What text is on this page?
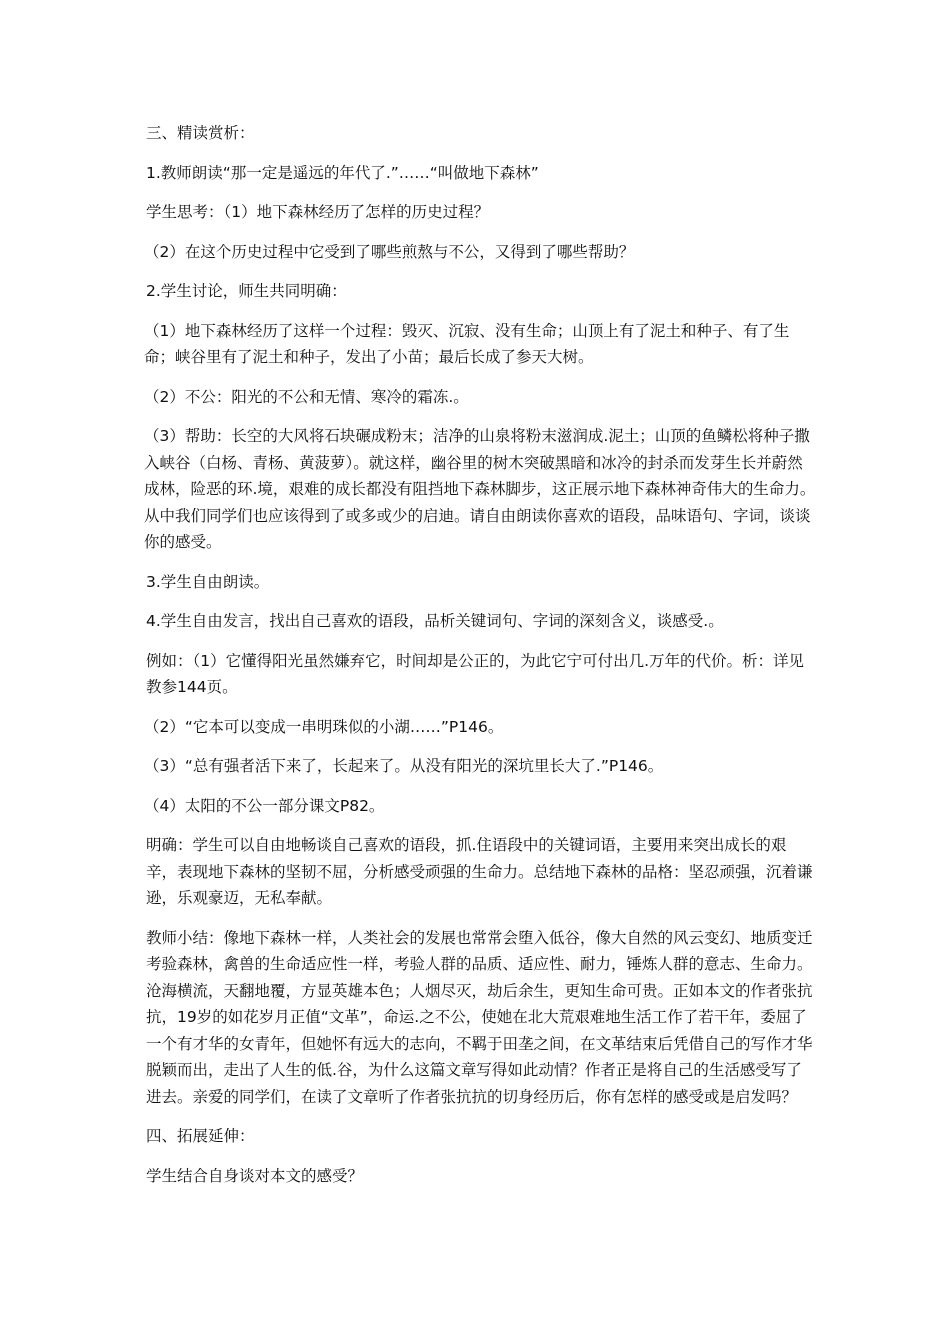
三、精读赏析：

1.教师朗读“那一定是遥远的年代了.”……“叫做地下森林”

学生思考：（1）地下森林经历了怎样的历史过程？

（2）在这个历史过程中它受到了哪些煎熬与不公，又得到了哪些帮助？

2.学生讨论，师生共同明确：

（1）地下森林经历了这样一个过程：毁灭、沉寂、没有生命；山顶上有了泥土和种子、有了生命；峡谷里有了泥土和种子，发出了小苗；最后长成了参天大树。

（2）不公：阳光的不公和无情、寒冷的霜冻.。

（3）帮助：长空的大风将石块碾成粉末；洁净的山泉将粉末滋润成.泥土；山顶的鱼鳞松将种子撒入峡谷（白杨、青杨、黄菠萝）。就这样，幽谷里的树木突破黑暗和冰冷的封杀而发芽生长并蔚然成林，险恶的环.境，艰难的成长都没有阻挡地下森林脚步，这正展示地下森林神奇伟大的生命力。从中我们同学们也应该得到了或多或少的启迪。请自由朗读你喜欢的语段，品味语句、字词，谈谈你的感受。

3.学生自由朗读。

4.学生自由发言，找出自己喜欢的语段，品析关键词句、字词的深刻含义，谈感受.。

例如：（1）它懂得阳光虽然嫌弃它，时间却是公正的，为此它宁可付出几.万年的代价。析：详见教参144页。

（2）“它本可以变成一串明珠似的小湖……”P146。

（3）“总有强者活下来了，长起来了。从没有阳光的深坑里长大了.”P146。

（4）太阳的不公一部分课文P82。

明确：学生可以自由地畅谈自己喜欢的语段，抓.住语段中的关键词语，主要用来突出成长的艰辛，表现地下森林的坚韧不屈，分析感受顽强的生命力。总结地下森林的品格：坚忍顽强，沉着谦逊，乐观豪迈，无私奉献。

教师小结：像地下森林一样，人类社会的发展也常常会堕入低谷，像大自然的风云变幻、地质变迁考验森林，禽兽的生命适应性一样，考验人群的品质、适应性、耐力，锤炼人群的意志、生命力。沧海横流，天翻地覆，方显英雄本色；人烟尽灭，劫后余生，更知生命可贵。正如本文的作者张抗抗，19岁的如花岁月正值“文革”，命运.之不公，使她在北大荒艰难地生活工作了若干年，委屈了一个有才华的女青年，但她怀有远大的志向，不羁于田垄之间，在文革结束后凭借自己的写作才华脱颖而出，走出了人生的低.谷，为什么这篇文章写得如此动情？作者正是将自己的生活感受写了进去。亲爱的同学们，在读了文章听了作者张抗抗的切身经历后，你有怎样的感受或是启发吗？

四、拓展延伸：

学生结合自身谈对本文的感受？
